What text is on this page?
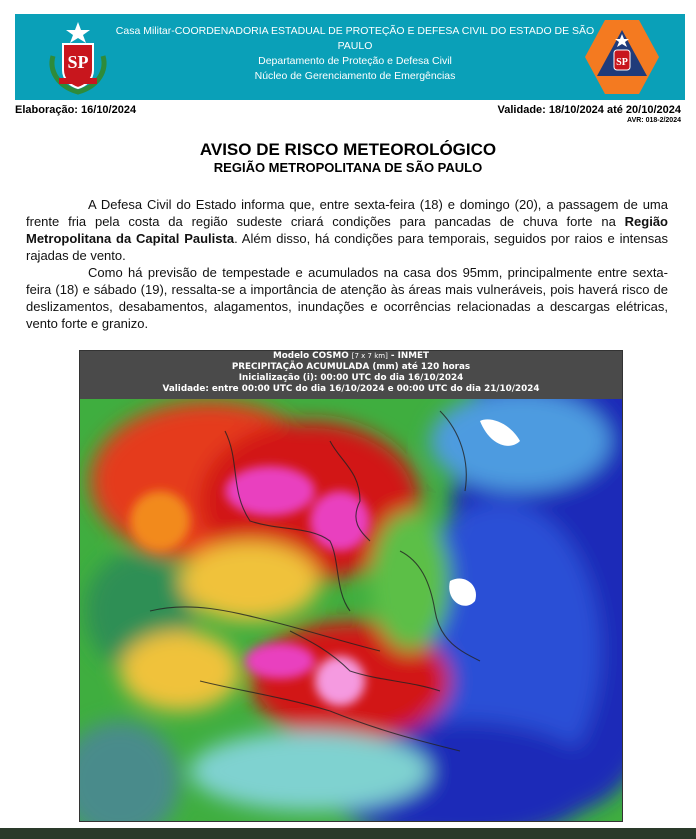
SP
Casa Militar-COORDENADORIA ESTADUAL DE PROTEÇÃO E DEFESA CIVIL DO ESTADO DE SÃO PAULO
Departamento de Proteção e Defesa Civil
Núcleo de Gerenciamento de Emergências
SP
Elaboração: 16/10/2024	Validade: 18/10/2024 até 20/10/2024
AVR: 018-2/2024
AVISO DE RISCO METEOROLÓGICO
REGIÃO METROPOLITANA DE SÃO PAULO

A Defesa Civil do Estado informa que, entre sexta-feira (18) e domingo (20), a passagem de uma frente fria pela costa da região sudeste criará condições para pancadas de chuva forte na Região Metropolitana da Capital Paulista. Além disso, há condições para temporais, seguidos por raios e intensas rajadas de vento.

Como há previsão de tempestade e acumulados na casa dos 95mm, principalmente entre sexta-feira (18) e sábado (19), ressalta-se a importância de atenção às áreas mais vulneráveis, pois haverá risco de deslizamentos, desabamentos, alagamentos, inundações e ocorrências relacionadas a descargas elétricas, vento forte e granizo.

Modelo COSMO [7 x 7 km] - INMET
PRECIPITAÇÃO ACUMULADA (mm) até 120 horas
Inicialização (i): 00:00 UTC do dia 16/10/2024
Validade: entre 00:00 UTC do dia 16/10/2024 e 00:00 UTC do dia 21/10/2024
